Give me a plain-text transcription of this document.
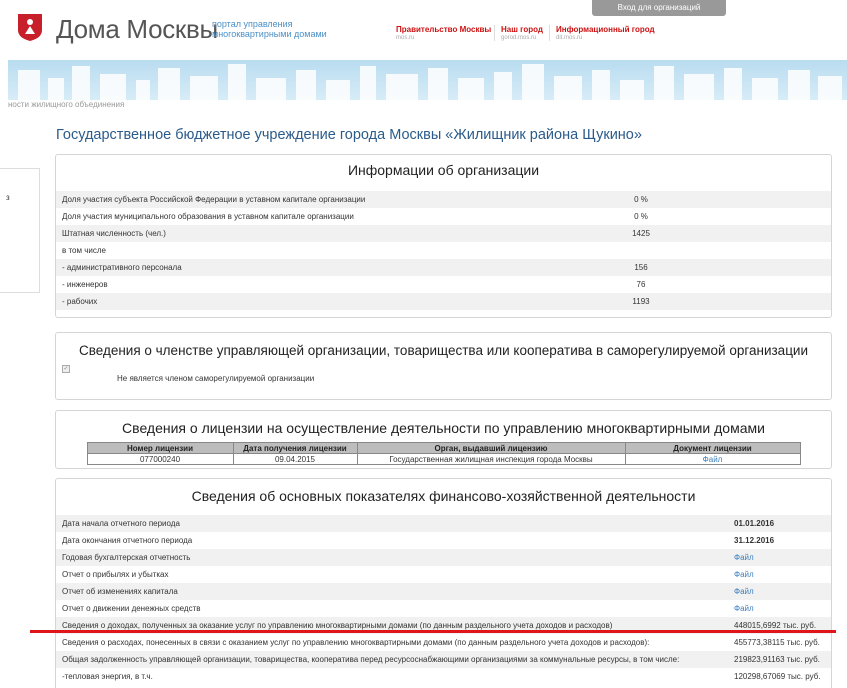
Дома Москвы
портал управления многоквартирными домами	Правительство Москвы
mos.ru
Наш город
gorod.mos.ru
Информационный город
dit.mos.ru
Вход для организаций
ности жилищного объединения
Государственное бюджетное учреждение города Москвы «Жилищник района Щукино»
з
Информации об организации
Доля участия субъекта Российской Федерации в уставном капитале организации	0 %	
Доля участия муниципального образования в уставном капитале организации	0 %	
Штатная численность (чел.)	1425	
в том числе		
- административного персонала	156	
- инженеров	76	
- рабочих	1193	
Сведения о членстве управляющей организации, товарищества или кооператива в саморегулируемой организации
✓
Не является членом саморегулируемой организации
Сведения о лицензии на осуществление деятельности по управлению многоквартирными домами
Номер лицензии	Дата получения лицензии	Орган, выдавший лицензию	Документ лицензии
077000240	09.04.2015	Государственная жилищная инспекция города Москвы	Файл
Сведения об основных показателях финансово-хозяйственной деятельности
Дата начала отчетного периода	01.01.2016
Дата окончания отчетного периода	31.12.2016
Годовая бухгалтерская отчетность	Файл
Отчет о прибылях и убытках	Файл
Отчет об изменениях капитала	Файл
Отчет о движении денежных средств	Файл
Сведения о доходах, полученных за оказание услуг по управлению многоквартирными домами (по данным раздельного учета доходов и расходов)	448015,6992 тыс. руб.
Сведения о расходах, понесенных в связи с оказанием услуг по управлению многоквартирными домами (по данным раздельного учета доходов и расходов):	455773,38115 тыс. руб.
Общая задолженность управляющей организации, товарищества, кооператива перед ресурсоснабжающими организациями за коммунальные ресурсы, в том числе:	219823,91163 тыс. руб.
-тепловая энергия, в т.ч.	120298,67069 тыс. руб.
